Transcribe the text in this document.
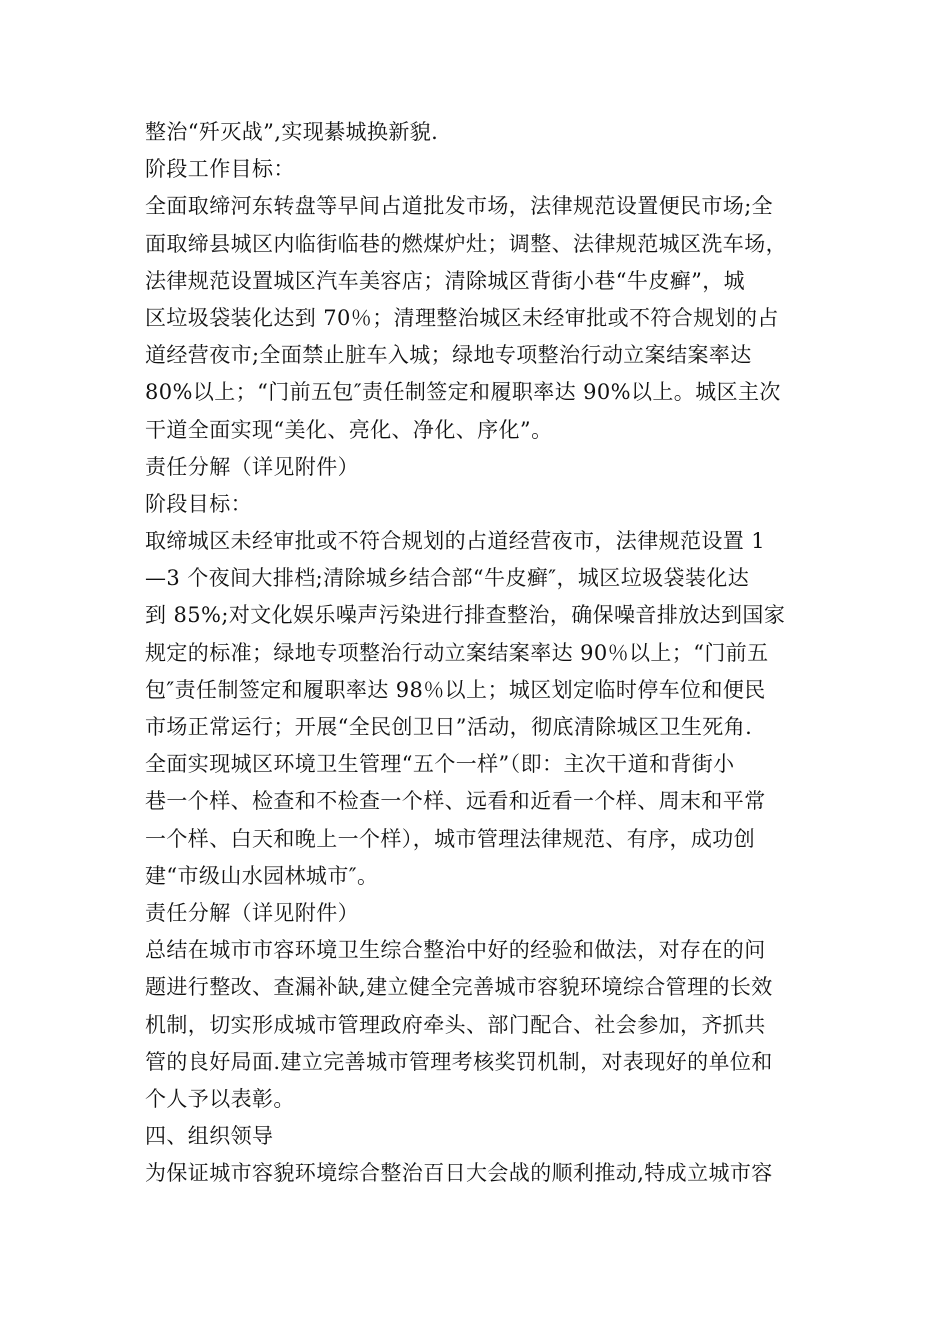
整治“歼灭战”,实现綦城换新貌.
阶段工作目标：
全面取缔河东转盘等早间占道批发市场，法律规范设置便民市场;全
面取缔县城区内临街临巷的燃煤炉灶；调整、法律规范城区洗车场，
法律规范设置城区汽车美容店；清除城区背街小巷“牛皮癣”，城
区垃圾袋装化达到 70％；清理整治城区未经审批或不符合规划的占
道经营夜市;全面禁止脏车入城；绿地专项整治行动立案结案率达
80%以上；“门前五包″责任制签定和履职率达 90%以上。城区主次
干道全面实现“美化、亮化、净化、序化”。
责任分解（详见附件）
阶段目标：
取缔城区未经审批或不符合规划的占道经营夜市，法律规范设置 1
—3 个夜间大排档;清除城乡结合部“牛皮癣″，城区垃圾袋装化达
到 85%;对文化娱乐噪声污染进行排查整治，确保噪音排放达到国家
规定的标准；绿地专项整治行动立案结案率达 90％以上；“门前五
包″责任制签定和履职率达 98％以上；城区划定临时停车位和便民
市场正常运行；开展“全民创卫日”活动，彻底清除城区卫生死角.
全面实现城区环境卫生管理“五个一样”（即：主次干道和背街小
巷一个样、检查和不检查一个样、远看和近看一个样、周末和平常
一个样、白天和晚上一个样），城市管理法律规范、有序，成功创
建“市级山水园林城市″。
责任分解（详见附件）
总结在城市市容环境卫生综合整治中好的经验和做法，对存在的问
题进行整改、查漏补缺,建立健全完善城市容貌环境综合管理的长效
机制，切实形成城市管理政府牵头、部门配合、社会参加，齐抓共
管的良好局面.建立完善城市管理考核奖罚机制，对表现好的单位和
个人予以表彰。
四、组织领导
为保证城市容貌环境综合整治百日大会战的顺利推动,特成立城市容
